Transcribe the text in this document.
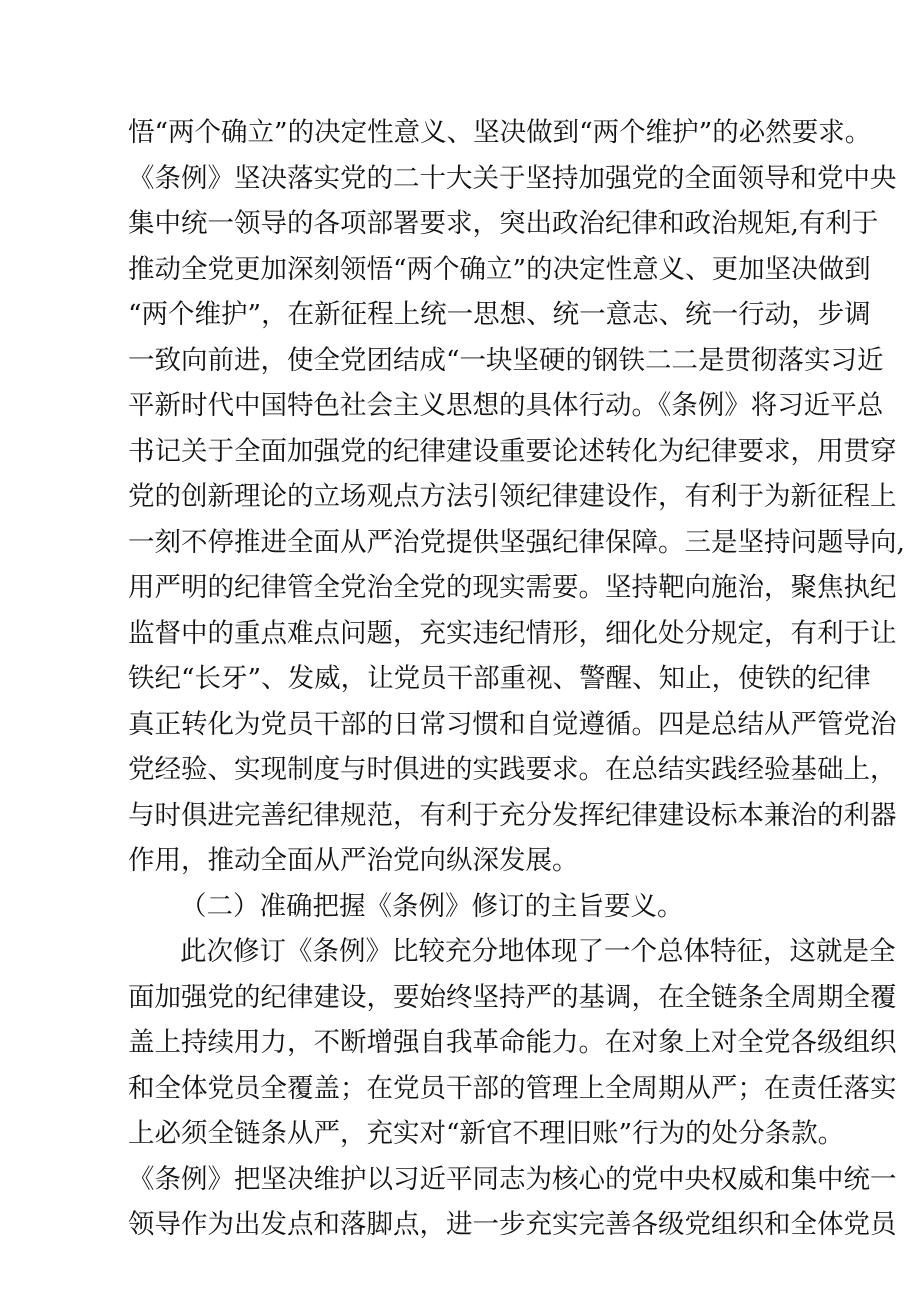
悟“两个确立”的决定性意义、坚决做到“两个维护”的必然要求。
《条例》坚决落实党的二十大关于坚持加强党的全面领导和党中央
集中统一领导的各项部署要求，突出政治纪律和政治规矩,有利于
推动全党更加深刻领悟“两个确立”的决定性意义、更加坚决做到
“两个维护”，在新征程上统一思想、统一意志、统一行动，步调
一致向前进，使全党团结成“一块坚硬的钢铁二二是贯彻落实习近
平新时代中国特色社会主义思想的具体行动。《条例》将习近平总
书记关于全面加强党的纪律建设重要论述转化为纪律要求，用贯穿
党的创新理论的立场观点方法引领纪律建设作，有利于为新征程上
一刻不停推进全面从严治党提供坚强纪律保障。三是坚持问题导向,
用严明的纪律管全党治全党的现实需要。坚持靶向施治，聚焦执纪
监督中的重点难点问题，充实违纪情形，细化处分规定，有利于让
铁纪“长牙”、发威，让党员干部重视、警醒、知止，使铁的纪律
真正转化为党员干部的日常习惯和自觉遵循。四是总结从严管党治
党经验、实现制度与时俱进的实践要求。在总结实践经验基础上，
与时俱进完善纪律规范，有利于充分发挥纪律建设标本兼治的利器
作用，推动全面从严治党向纵深发展。
（二）准确把握《条例》修订的主旨要义。
此次修订《条例》比较充分地体现了一个总体特征，这就是全
面加强党的纪律建设，要始终坚持严的基调，在全链条全周期全覆
盖上持续用力，不断增强自我革命能力。在对象上对全党各级组织
和全体党员全覆盖；在党员干部的管理上全周期从严；在责任落实
上必须全链条从严，充实对“新官不理旧账”行为的处分条款。
《条例》把坚决维护以习近平同志为核心的党中央权威和集中统一
领导作为出发点和落脚点，进一步充实完善各级党组织和全体党员
